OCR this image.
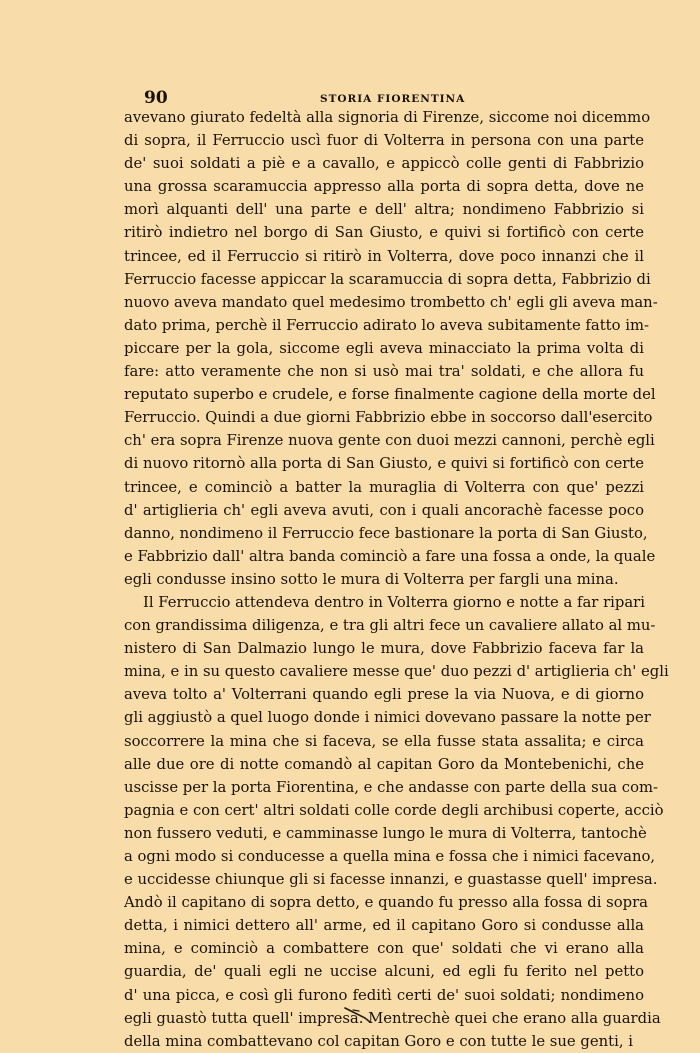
90	STORIA FIORENTINA
avevano giurato fedeltà alla signoria di Firenze, siccome noi dicemmo
di sopra, il Ferruccio uscì fuor di Volterra in persona con una parte
de' suoi soldati a piè e a cavallo, e appiccò colle genti di Fabbrizio
una grossa scaramuccia appresso alla porta di sopra detta, dove ne
morì alquanti dell' una parte e dell' altra; nondimeno Fabbrizio si
ritirò indietro nel borgo di San Giusto, e quivi si fortificò con certe
trincee, ed il Ferruccio si ritirò in Volterra, dove poco innanzi che il
Ferruccio facesse appiccar la scaramuccia di sopra detta, Fabbrizio di
nuovo aveva mandato quel medesimo trombetto ch' egli gli aveva man-
dato prima, perchè il Ferruccio adirato lo aveva subitamente fatto im-
piccare per la gola, siccome egli aveva minacciato la prima volta di
fare: atto veramente che non si usò mai tra' soldati, e che allora fu
reputato superbo e crudele, e forse finalmente cagione della morte del
Ferruccio. Quindi a due giorni Fabbrizio ebbe in soccorso dall'esercito
ch' era sopra Firenze nuova gente con duoi mezzi cannoni, perchè egli
di nuovo ritornò alla porta di San Giusto, e quivi si fortificò con certe
trincee, e cominciò a batter la muraglia di Volterra con que' pezzi
d' artiglieria ch' egli aveva avuti, con i quali ancorachè facesse poco
danno, nondimeno il Ferruccio fece bastionare la porta di San Giusto,
e Fabbrizio dall' altra banda cominciò a fare una fossa a onde, la quale
egli condusse insino sotto le mura di Volterra per fargli una mina.
Il Ferruccio attendeva dentro in Volterra giorno e notte a far ripari
con grandissima diligenza, e tra gli altri fece un cavaliere allato al mu-
nistero di San Dalmazio lungo le mura, dove Fabbrizio faceva far la
mina, e in su questo cavaliere messe que' duo pezzi d' artiglieria ch' egli
aveva tolto a' Volterrani quando egli prese la via Nuova, e di giorno
gli aggiustò a quel luogo donde i nimici dovevano passare la notte per
soccorrere la mina che si faceva, se ella fusse stata assalita; e circa
alle due ore di notte comandò al capitan Goro da Montebenichi, che
uscisse per la porta Fiorentina, e che andasse con parte della sua com-
pagnia e con cert' altri soldati colle corde degli archibusi coperte, acciò
non fussero veduti, e camminasse lungo le mura di Volterra, tantochè
a ogni modo si conducesse a quella mina e fossa che i nimici facevano,
e uccidesse chiunque gli si facesse innanzi, e guastasse quell' impresa.
Andò il capitano di sopra detto, e quando fu presso alla fossa di sopra
detta, i nimici dettero all' arme, ed il capitano Goro si condusse alla
mina, e cominciò a combattere con que' soldati che vi erano alla
guardia, de' quali egli ne uccise alcuni, ed egli fu ferito nel petto
d' una picca, e così gli furono feditì certi de' suoi soldati; nondimeno
egli guastò tutta quell' impresa. Mentrechè quei che erano alla guardia
della mina combattevano col capitan Goro e con tutte le sue genti, i
